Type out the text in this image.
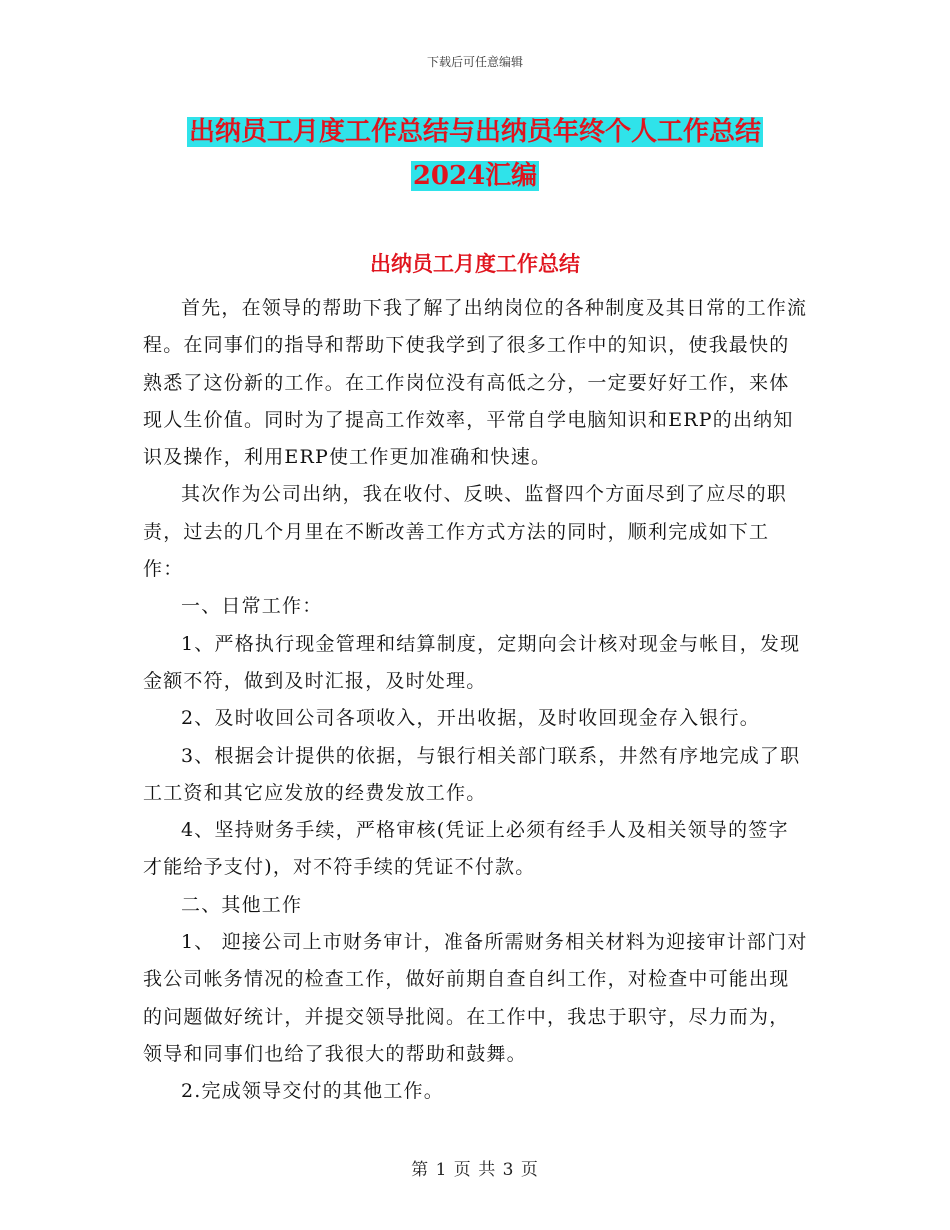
下载后可任意编辑
出纳员工月度工作总结与出纳员年终个人工作总结
2024汇编
出纳员工月度工作总结

首先，在领导的帮助下我了解了出纳岗位的各种制度及其日常的工作流程。在同事们的指导和帮助下使我学到了很多工作中的知识，使我最快的熟悉了这份新的工作。在工作岗位没有高低之分，一定要好好工作，来体现人生价值。同时为了提高工作效率，平常自学电脑知识和ERP的出纳知识及操作，利用ERP使工作更加准确和快速。

其次作为公司出纳，我在收付、反映、监督四个方面尽到了应尽的职责，过去的几个月里在不断改善工作方式方法的同时，顺利完成如下工作：

一、日常工作：

1、严格执行现金管理和结算制度，定期向会计核对现金与帐目，发现金额不符，做到及时汇报，及时处理。

2、及时收回公司各项收入，开出收据，及时收回现金存入银行。

3、根据会计提供的依据，与银行相关部门联系，井然有序地完成了职工工资和其它应发放的经费发放工作。

4、坚持财务手续，严格审核(凭证上必须有经手人及相关领导的签字才能给予支付)，对不符手续的凭证不付款。

二、其他工作

1、 迎接公司上市财务审计，准备所需财务相关材料为迎接审计部门对我公司帐务情况的检查工作，做好前期自查自纠工作，对检查中可能出现的问题做好统计，并提交领导批阅。在工作中，我忠于职守，尽力而为，领导和同事们也给了我很大的帮助和鼓舞。

2.完成领导交付的其他工作。

第 1 页 共 3 页
